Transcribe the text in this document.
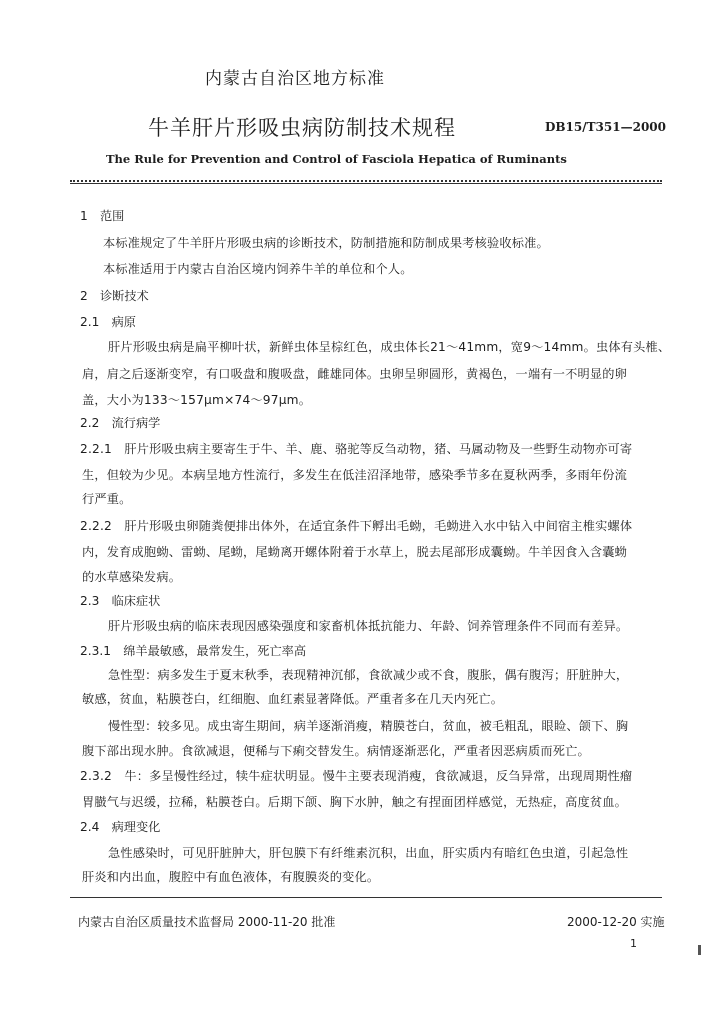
内蒙古自治区地方标准
牛羊肝片形吸虫病防制技术规程	DB15/T351—2000
The Rule for Prevention and Control of Fasciola Hepatica of Ruminants
1　范围
本标准规定了牛羊肝片形吸虫病的诊断技术，防制措施和防制成果考核验收标准。
本标准适用于内蒙古自治区境内饲养牛羊的单位和个人。
2　诊断技术
2.1　病原
肝片形吸虫病是扁平柳叶状，新鲜虫体呈棕红色，成虫体长21～41mm，宽9～14mm。虫体有头椎、
肩，肩之后逐渐变窄，有口吸盘和腹吸盘，雌雄同体。虫卵呈卵圆形，黄褐色，一端有一不明显的卵
盖，大小为133～157μm×74～97μm。
2.2　流行病学
2.2.1　肝片形吸虫病主要寄生于牛、羊、鹿、骆驼等反刍动物，猪、马属动物及一些野生动物亦可寄
生，但较为少见。本病呈地方性流行，多发生在低洼沼泽地带，感染季节多在夏秋两季，多雨年份流
行严重。
2.2.2　肝片形吸虫卵随粪便排出体外，在适宜条件下孵出毛蚴，毛蚴进入水中钻入中间宿主椎实螺体
内，发育成胞蚴、雷蚴、尾蚴，尾蚴离开螺体附着于水草上，脱去尾部形成囊蚴。牛羊因食入含囊蚴
的水草感染发病。
2.3　临床症状
肝片形吸虫病的临床表现因感染强度和家畜机体抵抗能力、年龄、饲养管理条件不同而有差异。
2.3.1　绵羊最敏感，最常发生，死亡率高
急性型：病多发生于夏末秋季，表现精神沉郁，食欲减少或不食，腹胀，偶有腹泻；肝脏肿大，
敏感，贫血，粘膜苍白，红细胞、血红素显著降低。严重者多在几天内死亡。
慢性型：较多见。成虫寄生期间，病羊逐渐消瘦，精膜苍白，贫血，被毛粗乱，眼睑、颌下、胸
腹下部出现水肿。食欲减退，便稀与下痢交替发生。病情逐渐恶化，严重者因恶病质而死亡。
2.3.2　牛：多呈慢性经过，犊牛症状明显。慢牛主要表现消瘦，食欲减退，反刍异常，出现周期性瘤
胃臌气与迟缓，拉稀，粘膜苍白。后期下颌、胸下水肿，触之有捏面团样感觉，无热症，高度贫血。
2.4　病理变化
急性感染时，可见肝脏肿大，肝包膜下有纤维素沉积，出血，肝实质内有暗红色虫道，引起急性
肝炎和内出血，腹腔中有血色液体，有腹膜炎的变化。
内蒙古自治区质量技术监督局 2000-11-20 批准	2000-12-20 实施
1
